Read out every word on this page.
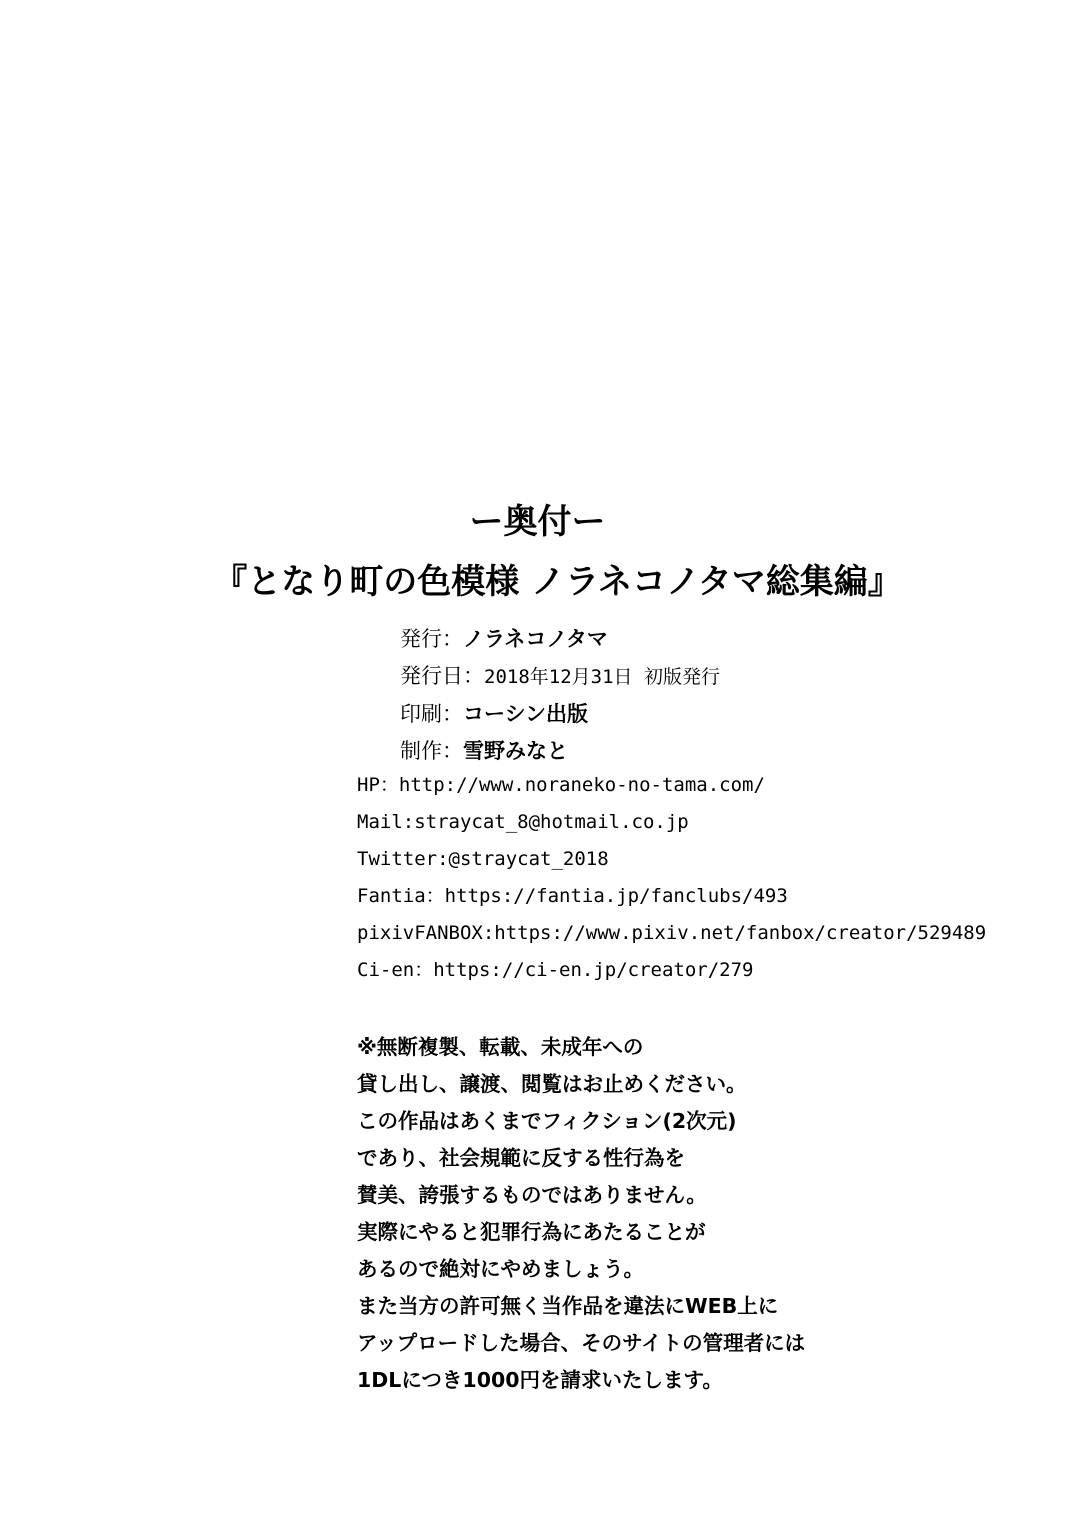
ー奥付ー
『となり町の色模様 ノラネコノタマ総集編』
発行：ノラネコノタマ
発行日：2018年12月31日 初版発行
印刷：コーシン出版
制作：雪野みなと
HP：http://www.noraneko-no-tama.com/
Mail:straycat_8@hotmail.co.jp
Twitter:@straycat_2018
Fantia：https://fantia.jp/fanclubs/493
pixivFANBOX:https://www.pixiv.net/fanbox/creator/529489
Ci-en：https://ci-en.jp/creator/279
※無断複製、転載、未成年への
貸し出し、譲渡、閲覧はお止めください。
この作品はあくまでフィクション(2次元)
であり、社会規範に反する性行為を
賛美、誇張するものではありません。
実際にやると犯罪行為にあたることが
あるので絶対にやめましょう。
また当方の許可無く当作品を違法にWEB上に
アップロードした場合、そのサイトの管理者には
1DLにつき1000円を請求いたします。
